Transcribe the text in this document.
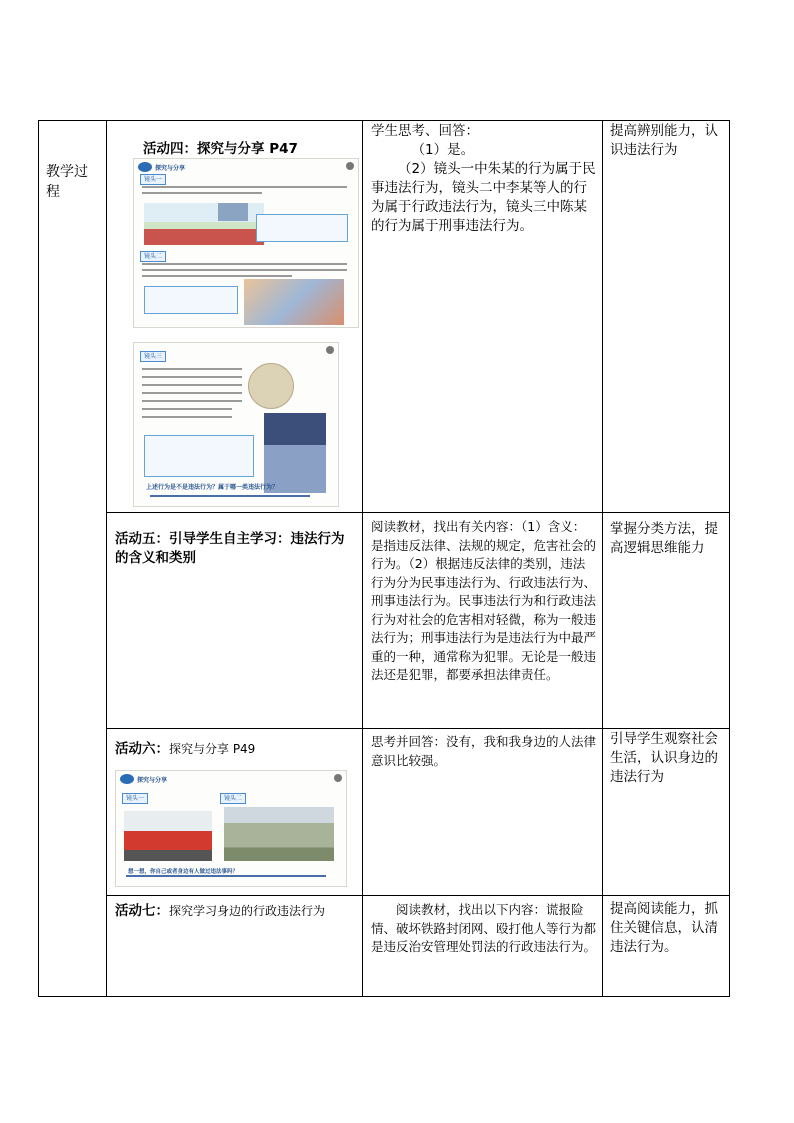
教学过程
活动四：探究与分享 P47
探究与分享
镜头一
镜头二
镜头三
上述行为是不是违法行为？属于哪一类违法行为？
学生思考、回答：
（1）是。
（2）镜头一中朱某的行为属于民事违法行为，镜头二中李某等人的行为属于行政违法行为，镜头三中陈某的行为属于刑事违法行为。
提高辨别能力，认识违法行为
活动五：引导学生自主学习：违法行为的含义和类别
阅读教材，找出有关内容：（1）含义：是指违反法律、法规的规定，危害社会的行为。（2）根据违反法律的类别，违法行为分为民事违法行为、行政违法行为、刑事违法行为。民事违法行为和行政违法行为对社会的危害相对轻微，称为一般违法行为；刑事违法行为是违法行为中最严重的一种，通常称为犯罪。无论是一般违法还是犯罪，都要承担法律责任。
掌握分类方法，提高逻辑思维能力
活动六：探究与分享 P49
探究与分享
镜头一	镜头二
想一想，你自己或者身边有人做过违法事吗？
思考并回答：没有，我和我身边的人法律意识比较强。
引导学生观察社会生活，认识身边的违法行为
活动七：探究学习身边的行政违法行为	阅读教材，找出以下内容：谎报险情、破坏铁路封闭网、殴打他人等行为都是违反治安管理处罚法的行政违法行为。
提高阅读能力，抓住关键信息，认清违法行为。
